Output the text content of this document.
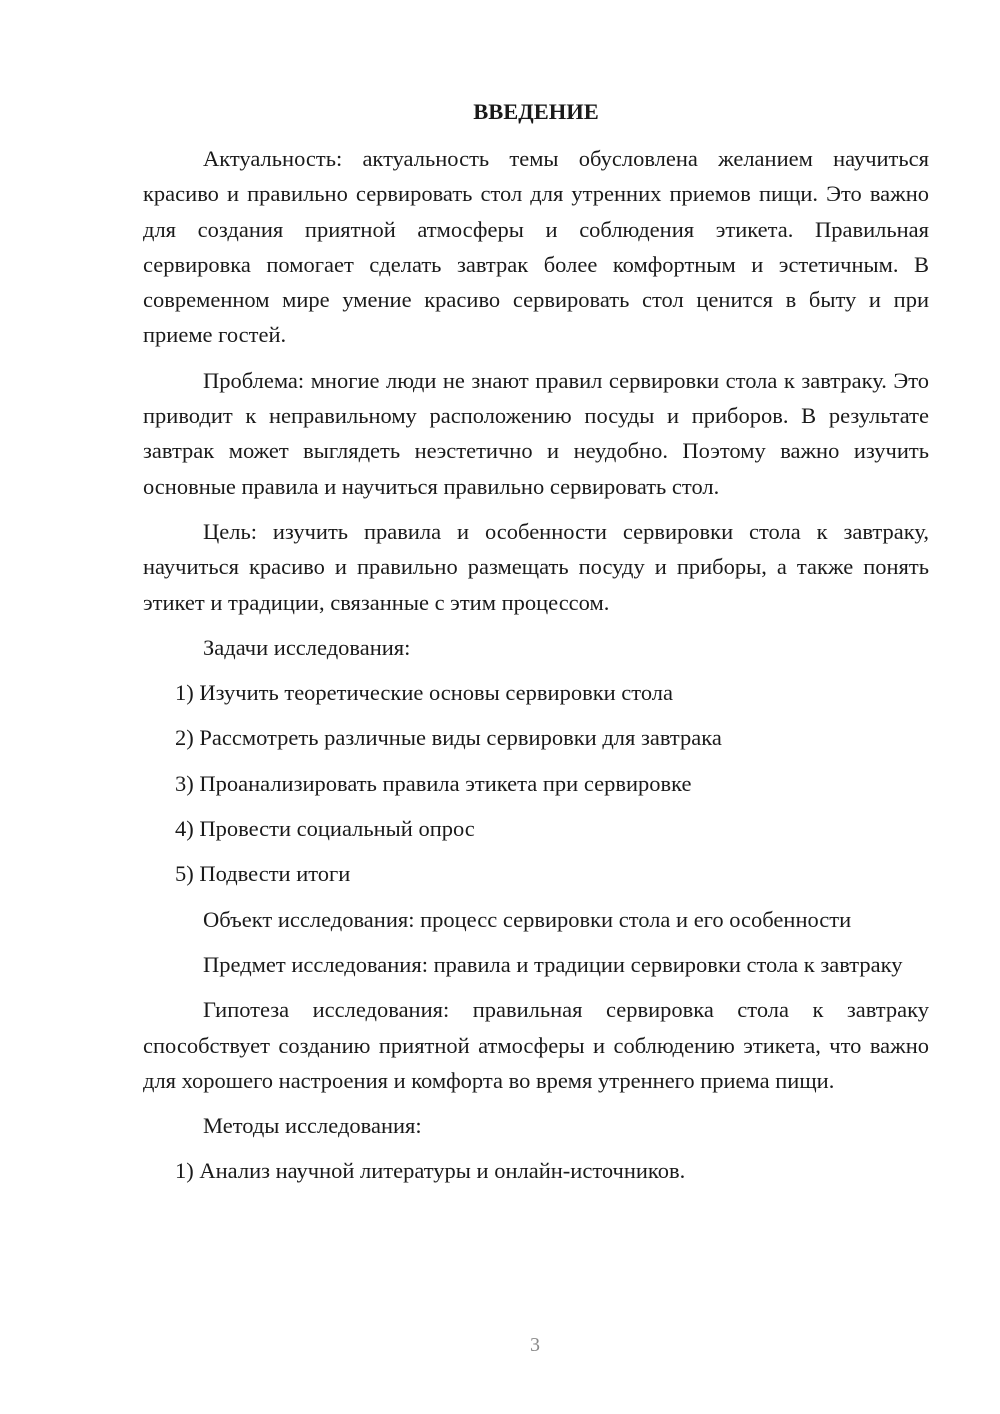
ВВЕДЕНИЕ

Актуальность: актуальность темы обусловлена желанием научиться красиво и правильно сервировать стол для утренних приемов пищи. Это важно для создания приятной атмосферы и соблюдения этикета. Правильная сервировка помогает сделать завтрак более комфортным и эстетичным. В современном мире умение красиво сервировать стол ценится в быту и при приеме гостей.

Проблема: многие люди не знают правил сервировки стола к завтраку. Это приводит к неправильному расположению посуды и приборов. В результате завтрак может выглядеть неэстетично и неудобно. Поэтому важно изучить основные правила и научиться правильно сервировать стол.

Цель: изучить правила и особенности сервировки стола к завтраку, научиться красиво и правильно размещать посуду и приборы, а также понять этикет и традиции, связанные с этим процессом.

Задачи исследования:
1) Изучить теоретические основы сервировки стола
2) Рассмотреть различные виды сервировки для завтрака
3) Проанализировать правила этикета при сервировке
4) Провести социальный опрос
5) Подвести итоги

Объект исследования: процесс сервировки стола и его особенности

Предмет исследования: правила и традиции сервировки стола к завтраку

Гипотеза исследования: правильная сервировка стола к завтраку способствует созданию приятной атмосферы и соблюдению этикета, что важно для хорошего настроения и комфорта во время утреннего приема пищи.

Методы исследования:
1) Анализ научной литературы и онлайн-источников.
3
